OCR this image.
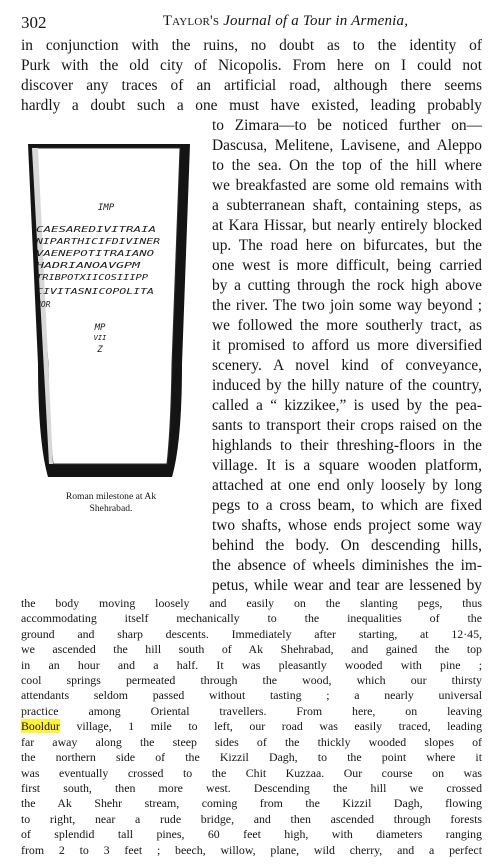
302	Taylor's Journal of a Tour in Armenia,
IMP
CAESAREDIVITRAIA
NIPARTHICIFDIVINER
VAENEPOTITRAIANO
HADRIANOAVGPM
TRIBPOTXIICOSIIIPP
CIVITASNICOPOLITA
NOR
MP
VII
Z
Roman milestone at Ak
Shehrabad.
in conjunction with the ruins, no doubt as to the identity of
Purk with the old city of Nicopolis. From here on I could not
discover any traces of an artificial road, although there seems
hardly a doubt such a one must have existed, leading probably
to Zimara—to be noticed further on—
Dascusa, Melitene, Lavisene, and Aleppo
to the sea. On the top of the hill where
we breakfasted are some old remains with
a subterranean shaft, containing steps, as
at Kara Hissar, but nearly entirely blocked
up. The road here on bifurcates, but the
one west is more difficult, being carried
by a cutting through the rock high above
the river. The two join some way beyond ;
we followed the more southerly tract, as
it promised to afford us more diversified
scenery. A novel kind of conveyance,
induced by the hilly nature of the country,
called a “ kizzikee,” is used by the pea-
sants to transport their crops raised on the
highlands to their threshing-floors in the
village. It is a square wooden platform,
attached at one end only loosely by long
pegs to a cross beam, to which are fixed
two shafts, whose ends project some way
behind the body. On descending hills,
the absence of wheels diminishes the im-
petus, while wear and tear are lessened by
the body moving loosely and easily on the slanting pegs, thus
accommodating itself mechanically to the inequalities of the
ground and sharp descents. Immediately after starting, at 12·45,
we ascended the hill south of Ak Shehrabad, and gained the top
in an hour and a half. It was pleasantly wooded with pine ;
cool springs permeated through the wood, which our thirsty
attendants seldom passed without tasting ; a nearly universal
practice among Oriental travellers. From here, on leaving
Booldur village, 1 mile to left, our road was easily traced, leading
far away along the steep sides of the thickly wooded slopes of
the northern side of the Kizzil Dagh, to the point where it
was eventually crossed to the Chit Kuzzaa. Our course on was
first south, then more west. Descending the hill we crossed
the Ak Shehr stream, coming from the Kizzil Dagh, flowing
to right, near a rude bridge, and then ascended through forests
of splendid tall pines, 60 feet high, with diameters ranging
from 2 to 3 feet ; beech, willow, plane, wild cherry, and a perfect
